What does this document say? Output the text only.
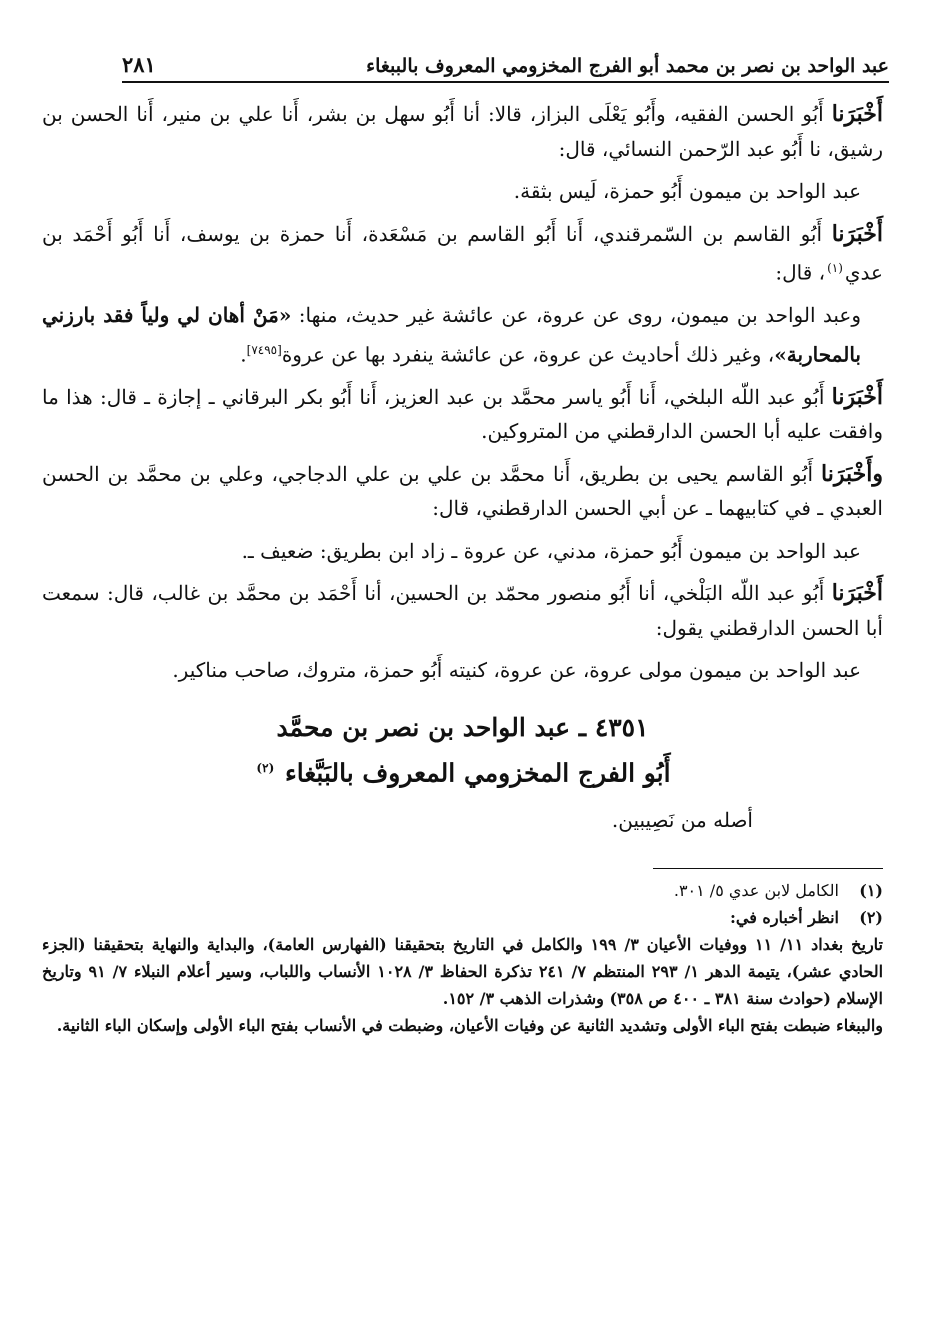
عبد الواحد بن نصر بن محمد أبو الفرج المخزومي المعروف بالببغاء
٢٨١

أَخْبَرَنا أَبُو الحسن الفقيه، وأَبُو يَعْلَى البزاز، قالا: أنا أَبُو سهل بن بشر، أَنا علي بن منير، أَنا الحسن بن رشيق، نا أَبُو عبد الرّحمن النسائي، قال:

عبد الواحد بن ميمون أَبُو حمزة، لَيس بثقة.

أَخْبَرَنا أَبُو القاسم بن السّمرقندي، أَنا أَبُو القاسم بن مَسْعَدة، أَنا حمزة بن يوسف، أَنا أَبُو أَحْمَد بن عدي$^{(١)}$، قال:

وعبد الواحد بن ميمون، روى عن عروة، عن عائشة غير حديث، منها: «مَنْ أهان لي ولياً فقد بارزني بالمحاربة»، وغير ذلك أحاديث عن عروة، عن عائشة ينفرد بها عن عروة[٧٤٩٥].

أَخْبَرَنا أَبُو عبد اللّه البلخي، أَنا أَبُو ياسر محمَّد بن عبد العزيز، أَنا أَبُو بكر البرقاني ـ إجازة ـ قال: هذا ما وافقت عليه أبا الحسن الدارقطني من المتروكين.

وأَخْبَرَنا أَبُو القاسم يحيى بن بطريق، أَنا محمَّد بن علي بن علي الدجاجي، وعلي بن محمَّد بن الحسن العبدي ـ في كتابيهما ـ عن أبي الحسن الدارقطني، قال:

عبد الواحد بن ميمون أَبُو حمزة، مدني، عن عروة ـ زاد ابن بطريق: ضعيف ـ.

أَخْبَرَنا أَبُو عبد اللّه البَلْخي، أنا أَبُو منصور محمّد بن الحسين، أنا أَحْمَد بن محمَّد بن غالب، قال: سمعت أبا الحسن الدارقطني يقول:

عبد الواحد بن ميمون مولى عروة، عن عروة، كنيته أَبُو حمزة، متروك، صاحب مناكير.

٤٣٥١ ـ عبد الواحد بن نصر بن محمَّد
أَبُو الفرج المخزومي المعروف بالبَبَّغاء $^{(٢)}$

أصله من نَصِيبين.

(١)
الكامل لابن عدي ٥/ ٣٠١.
(٢)
انظر أخباره في:
تاريخ بغداد ١١/ ١١ ووفيات الأعيان ٣/ ١٩٩ والكامل في التاريخ بتحقيقنا (الفهارس العامة)، والبداية والنهاية بتحقيقنا (الجزء الحادي عشر)، يتيمة الدهر ١/ ٢٩٣ المنتظم ٧/ ٢٤١ تذكرة الحفاظ ٣/ ١٠٢٨ الأنساب واللباب، وسير أعلام النبلاء ٧/ ٩١ وتاريخ الإسلام (حوادث سنة ٣٨١ ـ ٤٠٠ ص ٣٥٨) وشذرات الذهب ٣/ ١٥٢.
والببغاء ضبطت بفتح الباء الأولى وتشديد الثانية عن وفيات الأعيان، وضبطت في الأنساب بفتح الباء الأولى وإسكان الباء الثانية.
